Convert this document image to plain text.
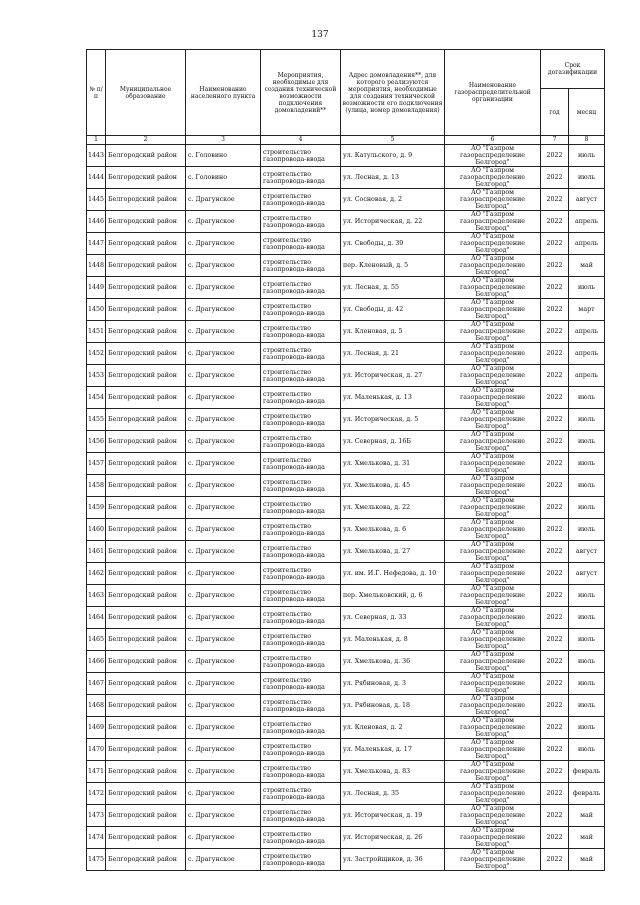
137
№ п/п	Муниципальное образование	Наименование населенного пункта	Мероприятия, необходимые для создания технической возможности подключения домовладений**	Адрес домовладения**, для которого реализуются мероприятия, необходимые для создания технической возможности его подключения (улица, номер домовладения)	Наименование газораспределительной организации	Срок догазификации	
						год	месяц
1	2	3	4	5	6	7	8
1443	Белгородский район	с. Головино	строительство газопровода-ввода	ул. Катульского, д. 9	АО "Газпром газораспределение Белгород"	2022	июль
1444	Белгородский район	с. Головино	строительство газопровода-ввода	ул. Лесная, д. 13	АО "Газпром газораспределение Белгород"	2022	июль
1445	Белгородский район	с. Драгунское	строительство газопровода-ввода	ул. Сосновая, д. 2	АО "Газпром газораспределение Белгород"	2022	август
1446	Белгородский район	с. Драгунское	строительство газопровода-ввода	ул. Историческая, д. 22	АО "Газпром газораспределение Белгород"	2022	апрель
1447	Белгородский район	с. Драгунское	строительство газопровода-ввода	ул. Свободы, д. 39	АО "Газпром газораспределение Белгород"	2022	апрель
1448	Белгородский район	с. Драгунское	строительство газопровода-ввода	пер. Кленовый, д. 5	АО "Газпром газораспределение Белгород"	2022	май
1449	Белгородский район	с. Драгунское	строительство газопровода-ввода	ул. Лесная, д. 55	АО "Газпром газораспределение Белгород"	2022	июль
1450	Белгородский район	с. Драгунское	строительство газопровода-ввода	ул. Свободы, д. 42	АО "Газпром газораспределение Белгород"	2022	март
1451	Белгородский район	с. Драгунское	строительство газопровода-ввода	ул. Кленовая, д. 5	АО "Газпром газораспределение Белгород"	2022	апрель
1452	Белгородский район	с. Драгунское	строительство газопровода-ввода	ул. Лесная, д. 21	АО "Газпром газораспределение Белгород"	2022	апрель
1453	Белгородский район	с. Драгунское	строительство газопровода-ввода	ул. Историческая, д. 27	АО "Газпром газораспределение Белгород"	2022	апрель
1454	Белгородский район	с. Драгунское	строительство газопровода-ввода	ул. Маленькая, д. 13	АО "Газпром газораспределение Белгород"	2022	июль
1455	Белгородский район	с. Драгунское	строительство газопровода-ввода	ул. Историческая, д. 5	АО "Газпром газораспределение Белгород"	2022	июль
1456	Белгородский район	с. Драгунское	строительство газопровода-ввода	ул. Северная, д. 16Б	АО "Газпром газораспределение Белгород"	2022	июль
1457	Белгородский район	с. Драгунское	строительство газопровода-ввода	ул. Хмелькова, д. 31	АО "Газпром газораспределение Белгород"	2022	июль
1458	Белгородский район	с. Драгунское	строительство газопровода-ввода	ул. Хмелькова, д. 45	АО "Газпром газораспределение Белгород"	2022	июль
1459	Белгородский район	с. Драгунское	строительство газопровода-ввода	ул. Хмелькова, д. 22	АО "Газпром газораспределение Белгород"	2022	июль
1460	Белгородский район	с. Драгунское	строительство газопровода-ввода	ул. Хмелькова, д. 6	АО "Газпром газораспределение Белгород"	2022	июль
1461	Белгородский район	с. Драгунское	строительство газопровода-ввода	ул. Хмелькова, д. 27	АО "Газпром газораспределение Белгород"	2022	август
1462	Белгородский район	с. Драгунское	строительство газопровода-ввода	ул. им. И.Г. Нефедова, д. 10	АО "Газпром газораспределение Белгород"	2022	август
1463	Белгородский район	с. Драгунское	строительство газопровода-ввода	пер. Хмельковский, д. 6	АО "Газпром газораспределение Белгород"	2022	июль
1464	Белгородский район	с. Драгунское	строительство газопровода-ввода	ул. Северная, д. 33	АО "Газпром газораспределение Белгород"	2022	июль
1465	Белгородский район	с. Драгунское	строительство газопровода-ввода	ул. Маленькая, д. 8	АО "Газпром газораспределение Белгород"	2022	июль
1466	Белгородский район	с. Драгунское	строительство газопровода-ввода	ул. Хмелькова, д. 36	АО "Газпром газораспределение Белгород"	2022	июль
1467	Белгородский район	с. Драгунское	строительство газопровода-ввода	ул. Рябиновая, д. 3	АО "Газпром газораспределение Белгород"	2022	июль
1468	Белгородский район	с. Драгунское	строительство газопровода-ввода	ул. Рябиновая, д. 18	АО "Газпром газораспределение Белгород"	2022	июль
1469	Белгородский район	с. Драгунское	строительство газопровода-ввода	ул. Кленовая, д. 2	АО "Газпром газораспределение Белгород"	2022	июль
1470	Белгородский район	с. Драгунское	строительство газопровода-ввода	ул. Маленькая, д. 17	АО "Газпром газораспределение Белгород"	2022	июль
1471	Белгородский район	с. Драгунское	строительство газопровода-ввода	ул. Хмелькова, д. 83	АО "Газпром газораспределение Белгород"	2022	февраль
1472	Белгородский район	с. Драгунское	строительство газопровода-ввода	ул. Лесная, д. 35	АО "Газпром газораспределение Белгород"	2022	февраль
1473	Белгородский район	с. Драгунское	строительство газопровода-ввода	ул. Историческая, д. 19	АО "Газпром газораспределение Белгород"	2022	май
1474	Белгородский район	с. Драгунское	строительство газопровода-ввода	ул. Историческая, д. 26	АО "Газпром газораспределение Белгород"	2022	май
1475	Белгородский район	с. Драгунское	строительство газопровода-ввода	ул. Застройщиков, д. 36	АО "Газпром газораспределение Белгород"	2022	май
